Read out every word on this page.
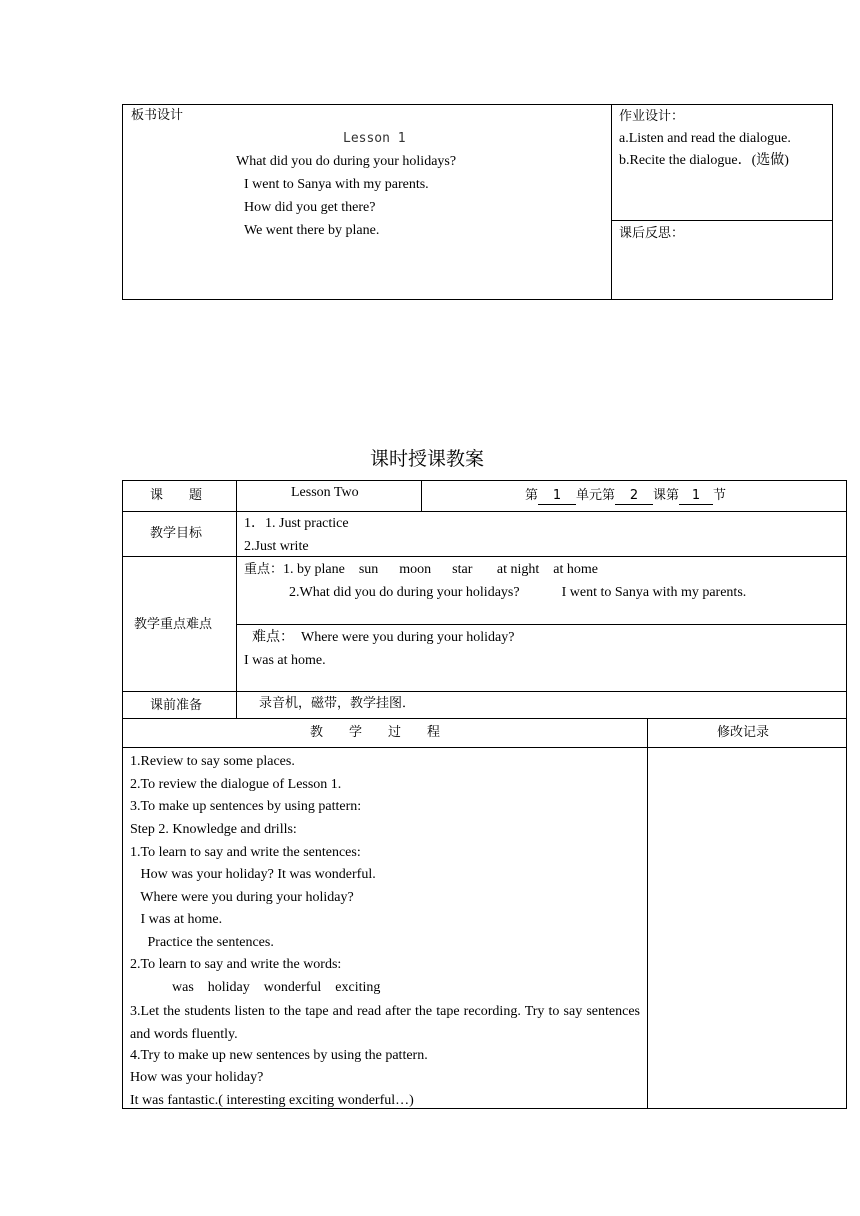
板书设计
Lesson 1
What did you do during your holidays?
I went to Sanya with my parents.
How did you get there?
We went there by plane.
作业设计：
a.Listen and read the dialogue.
b.Recite the dialogue．(选做)
课后反思：
课时授课教案
课　　题	Lesson Two	第 1 单元第 2 课第 1 节
教学目标
1．1. Just practice
2.Just write
教学重点难点
重点：1. by plane    sun      moon      star       at night    at home
2.What did you do during your holidays?            I went to Sanya with my parents.
难点：  Where were you during your holiday?
I was at home.
课前准备	录音机，磁带，教学挂图．
教　　学　　过　　程	修改记录
1.Review to say some places.
2.To review the dialogue of Lesson 1.
3.To make up sentences by using pattern:
Step 2. Knowledge and drills:
1.To learn to say and write the sentences:
How was your holiday? It was wonderful.
Where were you during your holiday?
I was at home.
Practice the sentences.
2.To learn to say and write the words:
was    holiday    wonderful    exciting
3.Let the students listen to the tape and read after the tape recording. Try to say sentences and words fluently.
4.Try to make up new sentences by using the pattern.
How was your holiday?
It was fantastic.( interesting exciting wonderful…)
